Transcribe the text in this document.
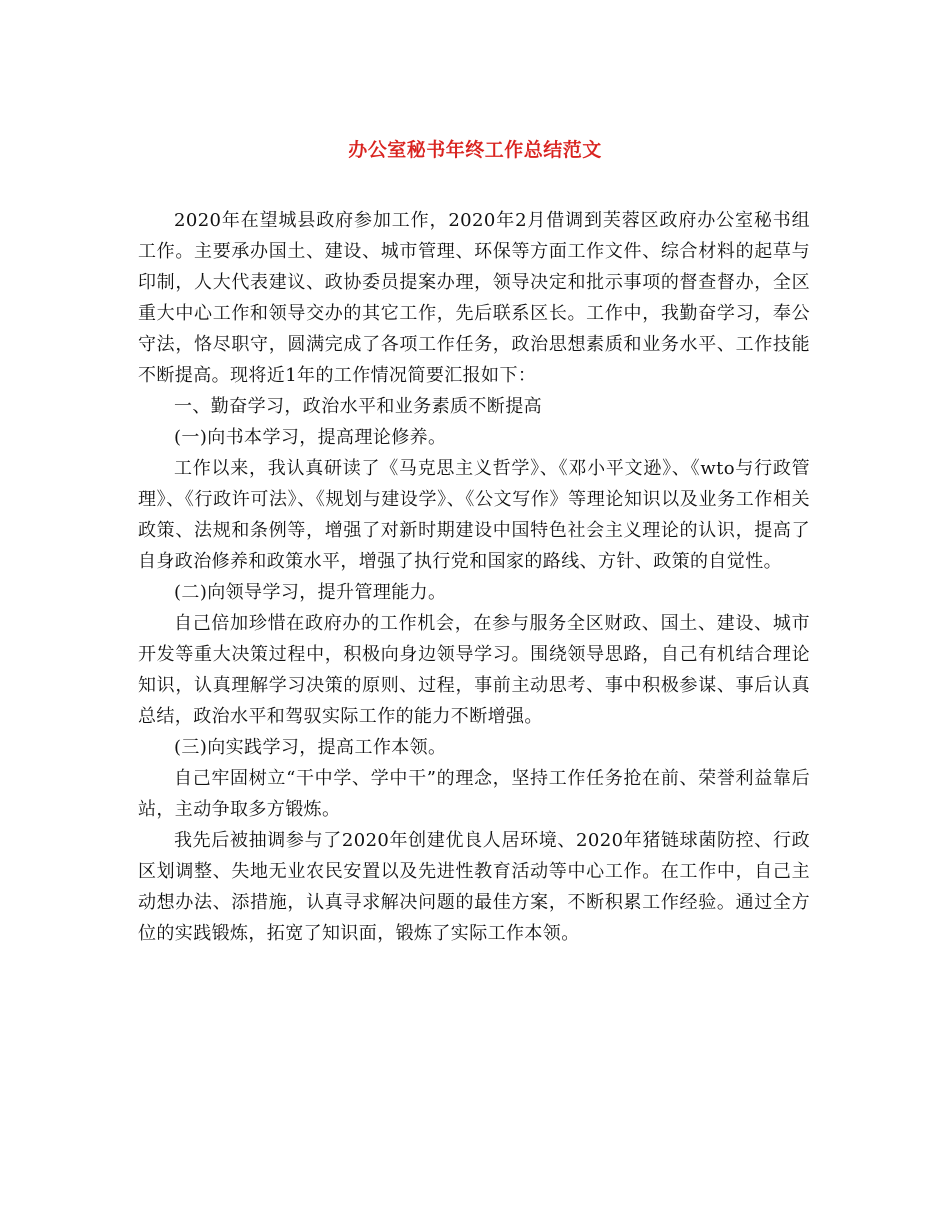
办公室秘书年终工作总结范文

2020年在望城县政府参加工作，2020年2月借调到芙蓉区政府办公室秘书组工作。主要承办国土、建设、城市管理、环保等方面工作文件、综合材料的起草与印制，人大代表建议、政协委员提案办理，领导决定和批示事项的督查督办，全区重大中心工作和领导交办的其它工作，先后联系区长。工作中，我勤奋学习，奉公守法，恪尽职守，圆满完成了各项工作任务，政治思想素质和业务水平、工作技能不断提高。现将近1年的工作情况简要汇报如下：

一、勤奋学习，政治水平和业务素质不断提高

(一)向书本学习，提高理论修养。

工作以来，我认真研读了《马克思主义哲学》、《邓小平文逊》、《wto与行政管理》、《行政许可法》、《规划与建设学》、《公文写作》等理论知识以及业务工作相关政策、法规和条例等，增强了对新时期建设中国特色社会主义理论的认识，提高了自身政治修养和政策水平，增强了执行党和国家的路线、方针、政策的自觉性。

(二)向领导学习，提升管理能力。

自己倍加珍惜在政府办的工作机会，在参与服务全区财政、国土、建设、城市开发等重大决策过程中，积极向身边领导学习。围绕领导思路，自己有机结合理论知识，认真理解学习决策的原则、过程，事前主动思考、事中积极参谋、事后认真总结，政治水平和驾驭实际工作的能力不断增强。

(三)向实践学习，提高工作本领。

自己牢固树立“干中学、学中干”的理念，坚持工作任务抢在前、荣誉利益靠后站，主动争取多方锻炼。

我先后被抽调参与了2020年创建优良人居环境、2020年猪链球菌防控、行政区划调整、失地无业农民安置以及先进性教育活动等中心工作。在工作中，自己主动想办法、添措施，认真寻求解决问题的最佳方案，不断积累工作经验。通过全方位的实践锻炼，拓宽了知识面，锻炼了实际工作本领。
